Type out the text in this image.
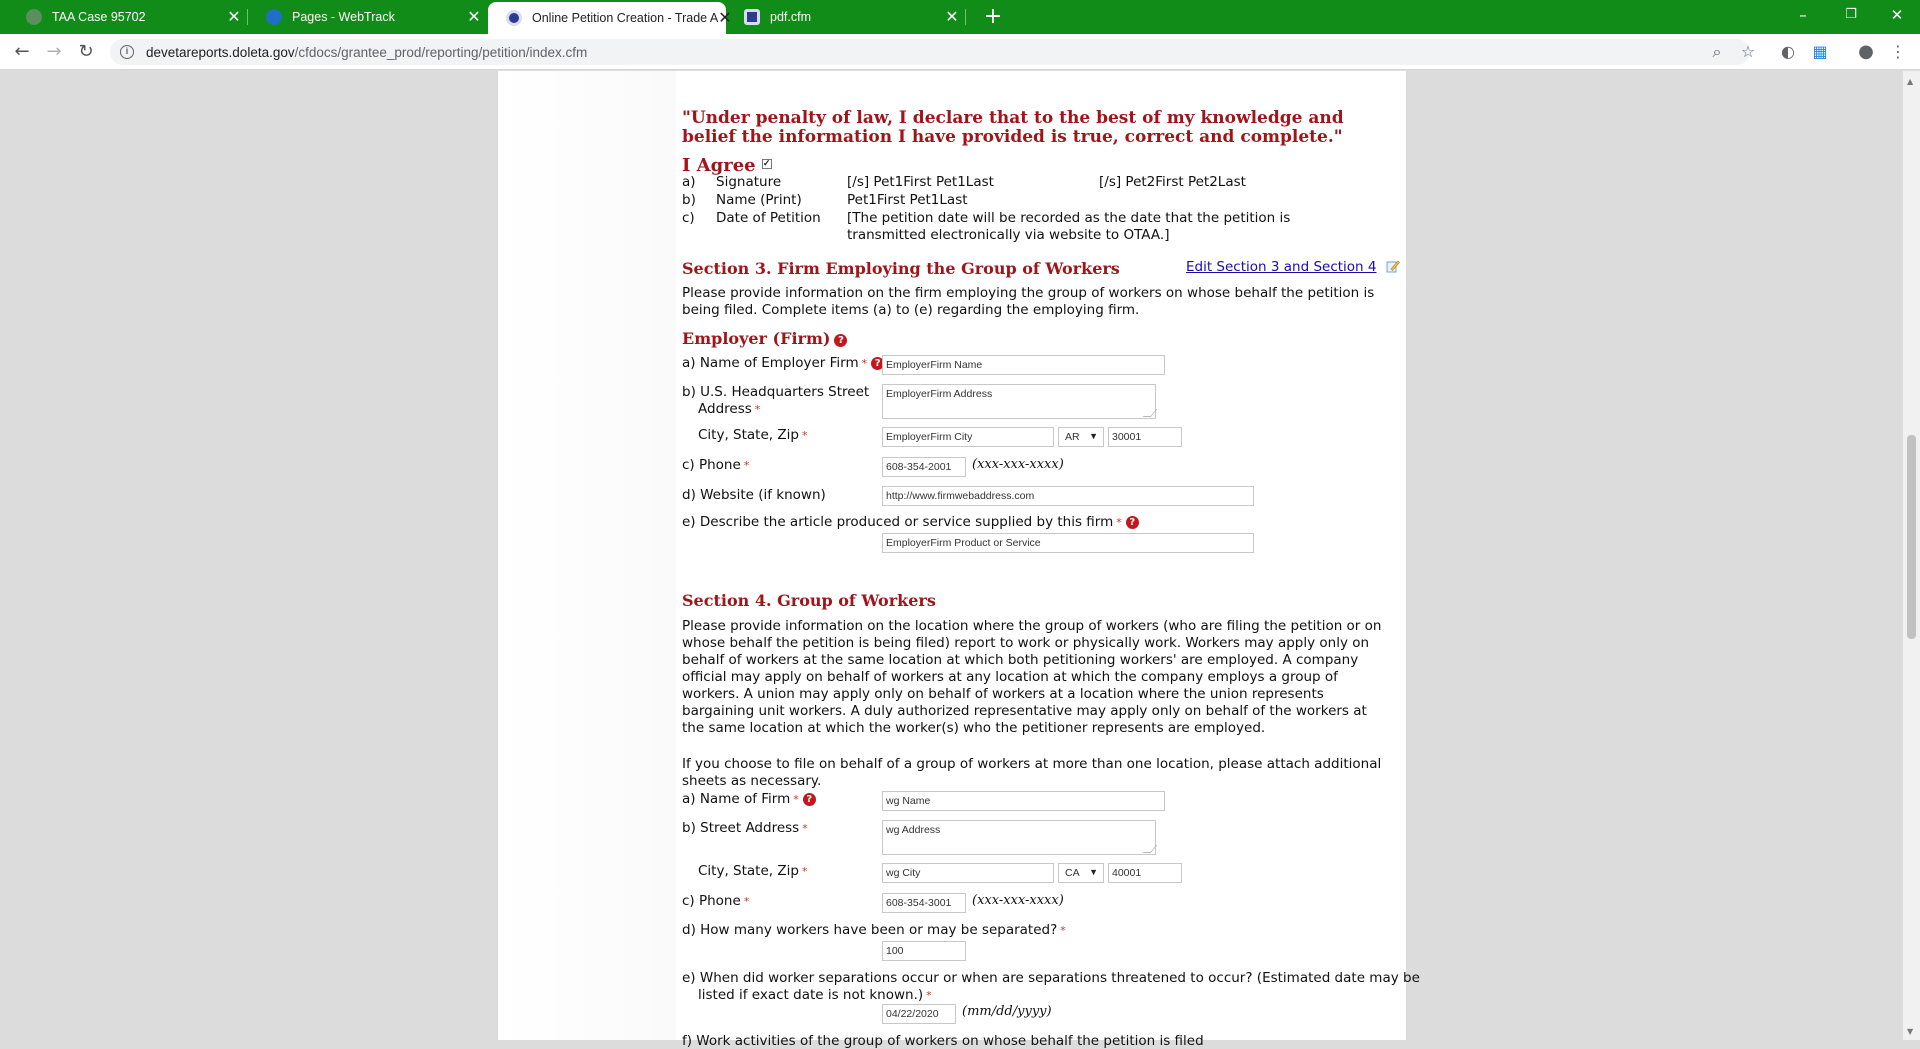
TAA Case 95702	✕	Pages - WebTrack	✕	Online Petition Creation - Trade A ✕	pdf.cfm	✕	+	–	❐	✕
← → ↻	i	devetareports.doleta.gov /cfdocs/grantee_prod/reporting/petition/index.cfm	⌕	☆ ◐ ▦ ● ⋮
"Under penalty of law, I declare that to the best of my knowledge and belief the information I have provided is true, correct and complete."
I Agree ✓
a) Signature	[/s] Pet1First Pet1Last	[/s] Pet2First Pet2Last
b) Name (Print)	Pet1First Pet1Last
c) Date of Petition [The petition date will be recorded as the date that the petition is transmitted electronically via website to OTAA.]
Section 3. Firm Employing the Group of Workers	Edit Section 3 and Section 4
Please provide information on the firm employing the group of workers on whose behalf the petition is being filed. Complete items (a) to (e) regarding the employing firm.
Employer (Firm) ?
a) Name of Employer Firm * ? EmployerFirm Name
b) U.S. Headquarters Street
Address *
EmployerFirm Address
City, State, Zip *	EmployerFirm City	AR ▼	30001
c) Phone *	608-354-2001	(xxx-xxx-xxxx)
d) Website (if known)	http://www.firmwebaddress.com
e) Describe the article produced or service supplied by this firm * ?
EmployerFirm Product or Service
Section 4. Group of Workers
Please provide information on the location where the group of workers (who are filing the petition or on whose behalf the petition is being filed) report to work or physically work. Workers may apply only on behalf of workers at the same location at which both petitioning workers' are employed. A company official may apply on behalf of workers at any location at which the company employs a group of workers. A union may apply only on behalf of workers at a location where the union represents bargaining unit workers. A duly authorized representative may apply only on behalf of the workers at the same location at which the worker(s) who the petitioner represents are employed.
If you choose to file on behalf of a group of workers at more than one location, please attach additional sheets as necessary.
a) Name of Firm * ?	wg Name
b) Street Address *	wg Address
City, State, Zip *	wg City	CA ▼	40001
c) Phone *	608-354-3001	(xxx-xxx-xxxx)
d) How many workers have been or may be separated? *
100
e) When did worker separations occur or when are separations threatened to occur? (Estimated date may be
listed if exact date is not known.) *
04/22/2020	(mm/dd/yyyy)
f) Work activities of the group of workers on whose behalf the petition is filed
▲
▼
